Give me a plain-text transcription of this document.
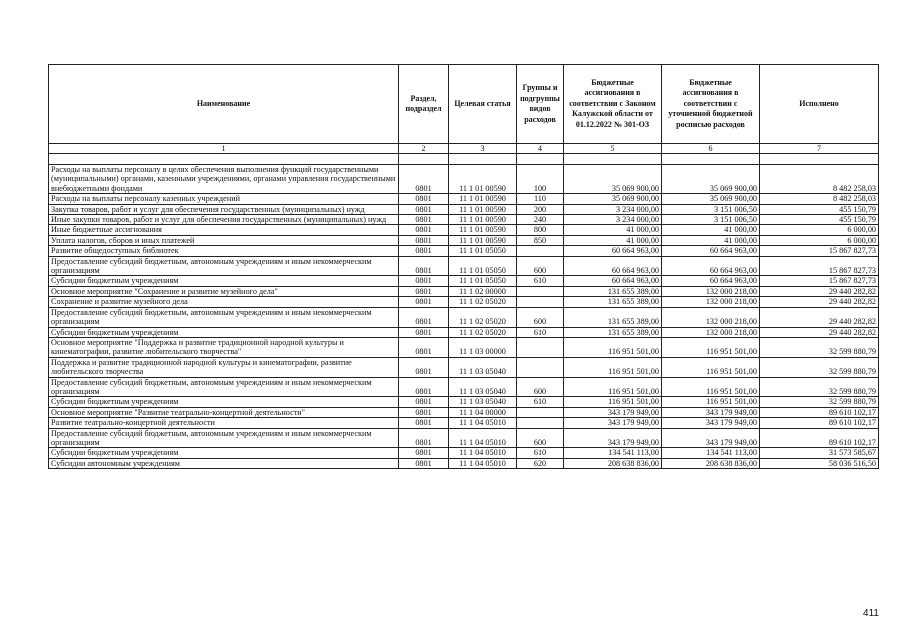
Наименование	Раздел, подраздел	Целевая статья	Группы и подгруппы видов расходов	Бюджетные ассигнования в соответствии с Законом Калужской области от 01.12.2022 № 301-ОЗ	Бюджетные ассигнования в соответствии с уточненной бюджетной росписью расходов	Исполнено
1	2	3	4	5	6	7

Расходы на выплаты персоналу в целях обеспечения выполнения функций государственными (муниципальными) органами, казенными учреждениями, органами управления государственными внебюджетными фондами	0801	11 1 01 00590	100	35 069 900,00	35 069 900,00	8 482 258,03
Расходы на выплаты персоналу казенных учреждений	0801	11 1 01 00590	110	35 069 900,00	35 069 900,00	8 482 258,03
Закупка товаров, работ и услуг для обеспечения государственных (муниципальных) нужд	0801	11 1 01 00590	200	3 234 000,00	3 151 006,50	455 150,79
Иные закупки товаров, работ и услуг для обеспечения государственных (муниципальных) нужд	0801	11 1 01 00590	240	3 234 000,00	3 151 006,50	455 150,79
Иные бюджетные ассигнования	0801	11 1 01 00590	800	41 000,00	41 000,00	6 000,00
Уплата налогов, сборов и иных платежей	0801	11 1 01 00590	850	41 000,00	41 000,00	6 000,00
Развитие общедоступных библиотек	0801	11 1 01 05050		60 664 963,00	60 664 963,00	15 867 827,73
Предоставление субсидий бюджетным, автономным учреждениям и иным некоммерческим организациям	0801	11 1 01 05050	600	60 664 963,00	60 664 963,00	15 867 827,73
Субсидии бюджетным учреждениям	0801	11 1 01 05050	610	60 664 963,00	60 664 963,00	15 867 827,73
Основное мероприятие "Сохранение и развитие музейного дела"	0801	11 1 02 00000		131 655 389,00	132 000 218,00	29 440 282,82
Сохранение и развитие музейного дела	0801	11 1 02 05020		131 655 389,00	132 000 218,00	29 440 282,82
Предоставление субсидий бюджетным, автономным учреждениям и иным некоммерческим организациям	0801	11 1 02 05020	600	131 655 389,00	132 000 218,00	29 440 282,82
Субсидии бюджетным учреждениям	0801	11 1 02 05020	610	131 655 389,00	132 000 218,00	29 440 282,82
Основное мероприятие "Поддержка и развитие традиционной народной культуры и кинематографии, развитие любительского творчества"	0801	11 1 03 00000		116 951 501,00	116 951 501,00	32 599 880,79
Поддержка и развитие традиционной народной культуры и кинематографии, развитие любительского творчества	0801	11 1 03 05040		116 951 501,00	116 951 501,00	32 599 880,79
Предоставление субсидий бюджетным, автономным учреждениям и иным некоммерческим организациям	0801	11 1 03 05040	600	116 951 501,00	116 951 501,00	32 599 880,79
Субсидии бюджетным учреждениям	0801	11 1 03 05040	610	116 951 501,00	116 951 501,00	32 599 880,79
Основное мероприятие "Развитие театрально-концертной деятельности"	0801	11 1 04 00000		343 179 949,00	343 179 949,00	89 610 102,17
Развитие театрально-концертной деятельности	0801	11 1 04 05010		343 179 949,00	343 179 949,00	89 610 102,17
Предоставление субсидий бюджетным, автономным учреждениям и иным некоммерческим организациям	0801	11 1 04 05010	600	343 179 949,00	343 179 949,00	89 610 102,17
Субсидии бюджетным учреждениям	0801	11 1 04 05010	610	134 541 113,00	134 541 113,00	31 573 585,67
Субсидии автономным учреждениям	0801	11 1 04 05010	620	208 638 836,00	208 638 836,00	58 036 516,50
411
